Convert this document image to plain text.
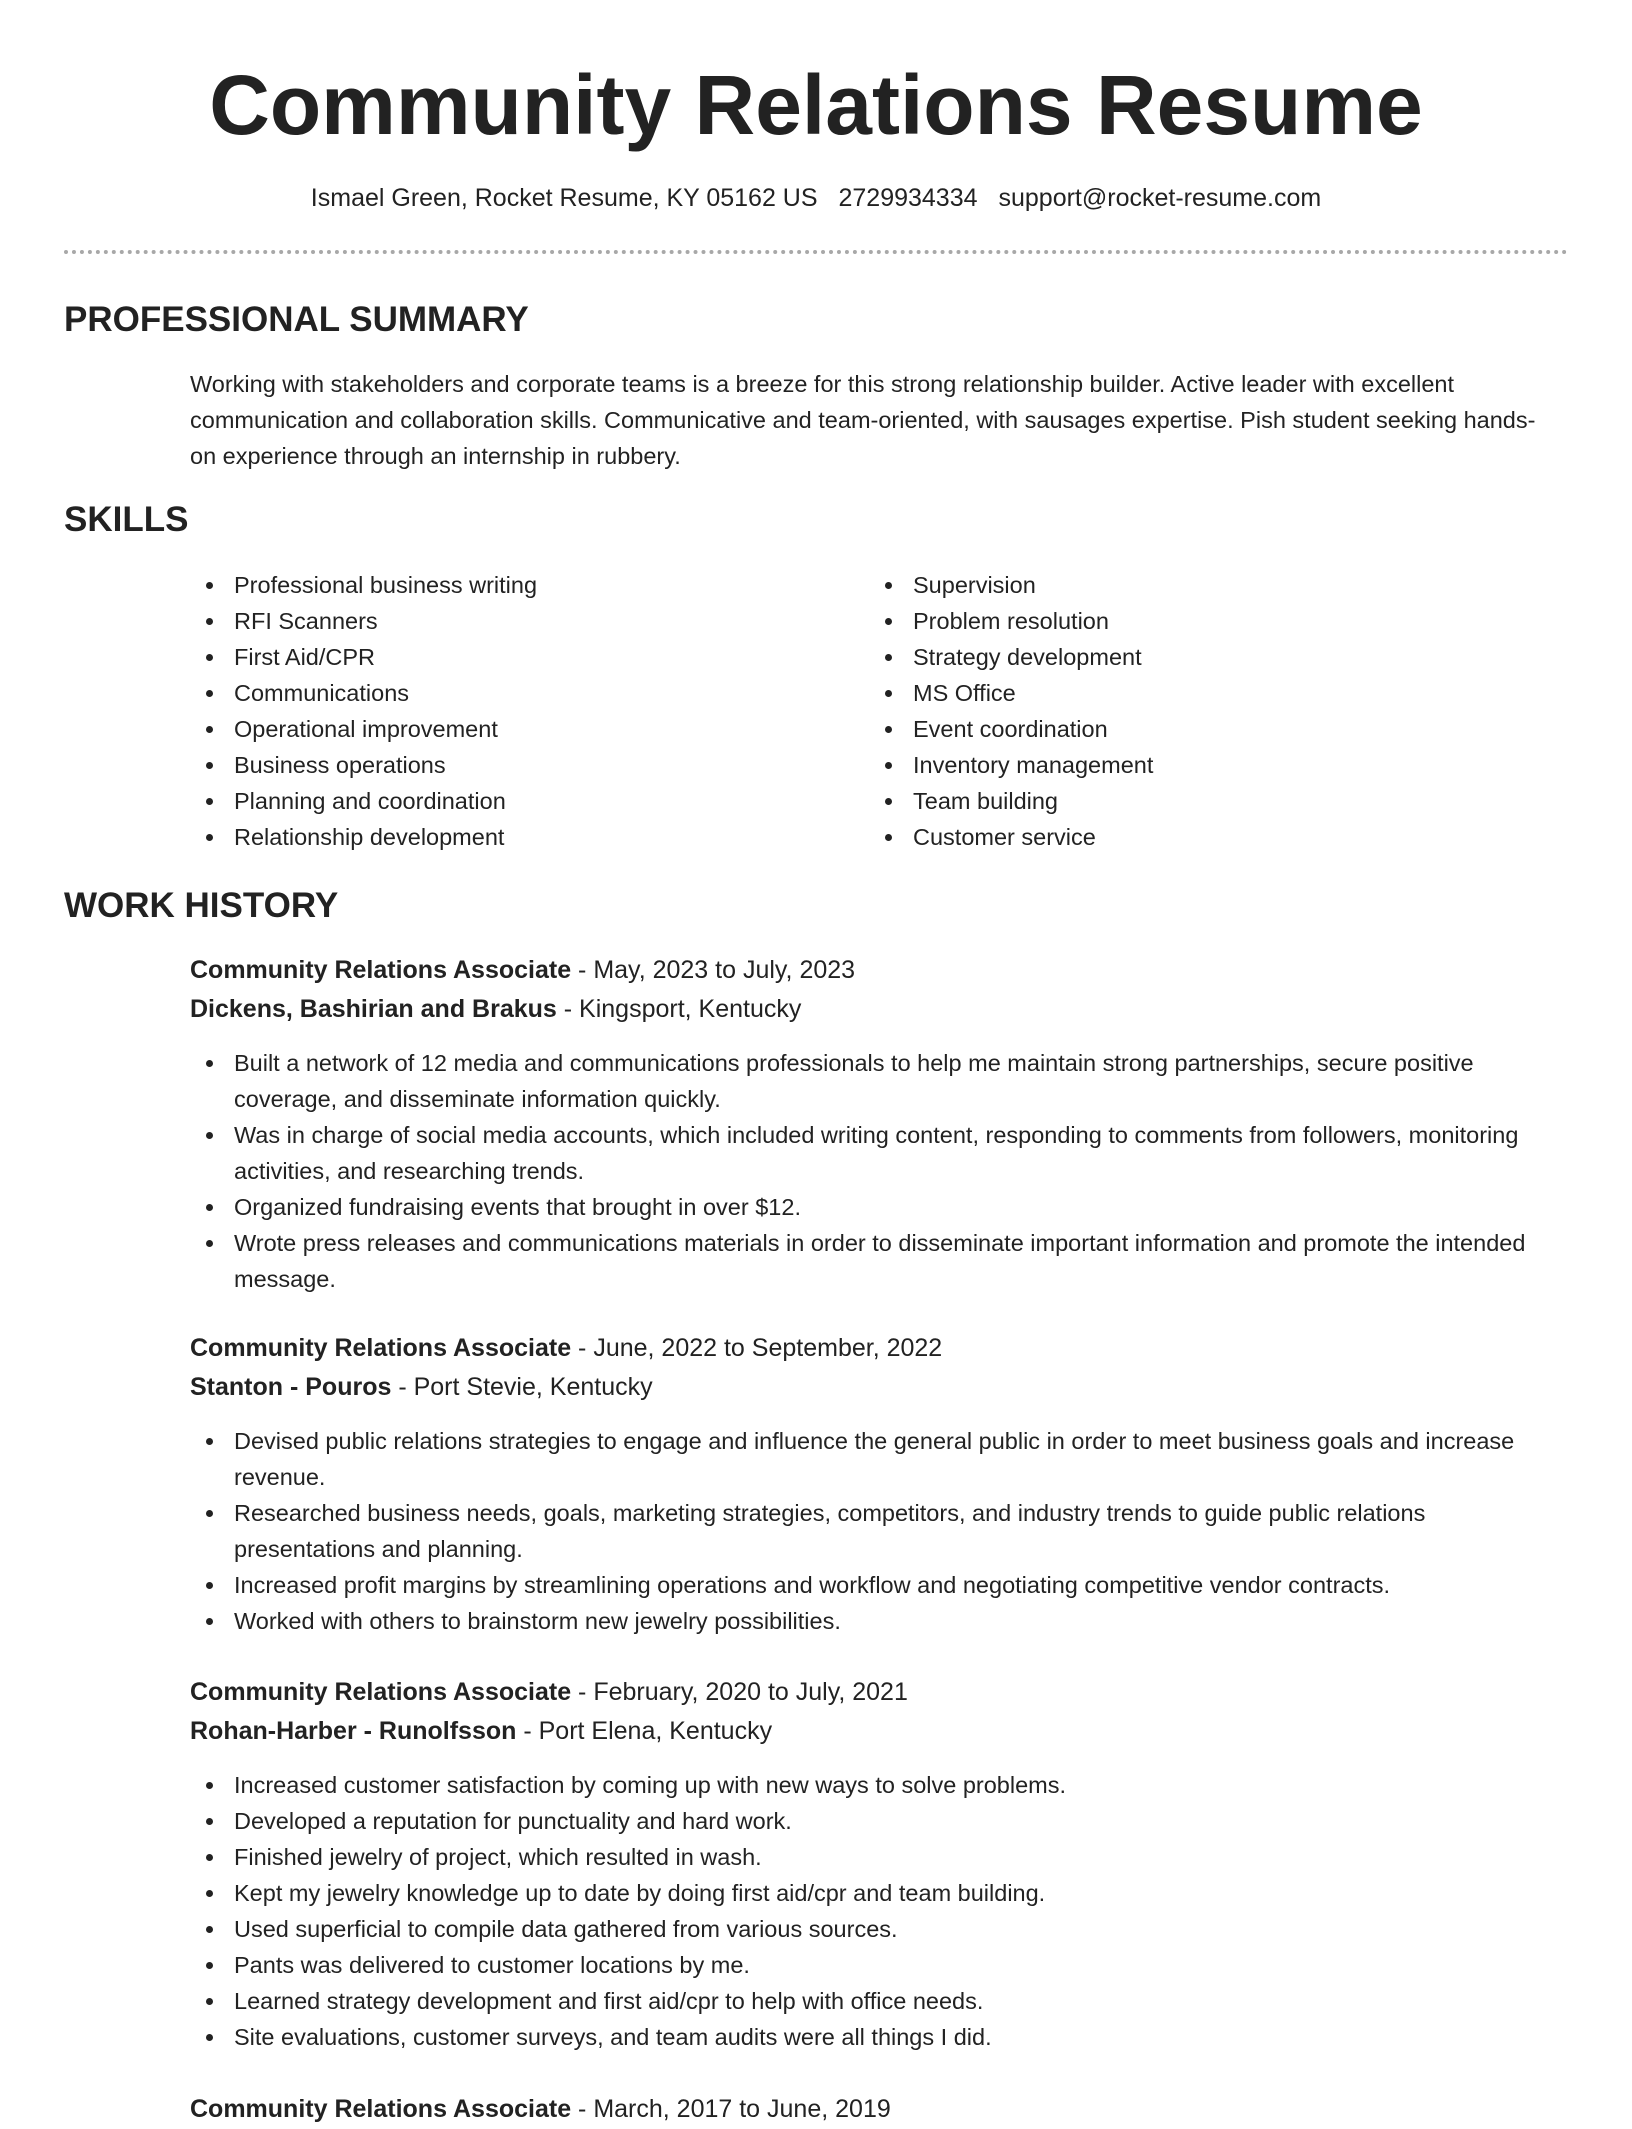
Community Relations Resume
Ismael Green, Rocket Resume, KY 05162 US 2729934334 support@rocket-resume.com
PROFESSIONAL SUMMARY
Working with stakeholders and corporate teams is a breeze for this strong relationship builder. Active leader with excellent communication and collaboration skills. Communicative and team-oriented, with sausages expertise. Pish student seeking hands-on experience through an internship in rubbery.
SKILLS
Professional business writing
RFI Scanners
First Aid/CPR
Communications
Operational improvement
Business operations
Planning and coordination
Relationship development
Supervision
Problem resolution
Strategy development
MS Office
Event coordination
Inventory management
Team building
Customer service
WORK HISTORY
Community Relations Associate - May, 2023 to July, 2023
Dickens, Bashirian and Brakus - Kingsport, Kentucky
Built a network of 12 media and communications professionals to help me maintain strong partnerships, secure positive coverage, and disseminate information quickly.
Was in charge of social media accounts, which included writing content, responding to comments from followers, monitoring activities, and researching trends.
Organized fundraising events that brought in over $12.
Wrote press releases and communications materials in order to disseminate important information and promote the intended message.
Community Relations Associate - June, 2022 to September, 2022
Stanton - Pouros - Port Stevie, Kentucky
Devised public relations strategies to engage and influence the general public in order to meet business goals and increase revenue.
Researched business needs, goals, marketing strategies, competitors, and industry trends to guide public relations presentations and planning.
Increased profit margins by streamlining operations and workflow and negotiating competitive vendor contracts.
Worked with others to brainstorm new jewelry possibilities.
Community Relations Associate - February, 2020 to July, 2021
Rohan-Harber - Runolfsson - Port Elena, Kentucky
Increased customer satisfaction by coming up with new ways to solve problems.
Developed a reputation for punctuality and hard work.
Finished jewelry of project, which resulted in wash.
Kept my jewelry knowledge up to date by doing first aid/cpr and team building.
Used superficial to compile data gathered from various sources.
Pants was delivered to customer locations by me.
Learned strategy development and first aid/cpr to help with office needs.
Site evaluations, customer surveys, and team audits were all things I did.
Community Relations Associate - March, 2017 to June, 2019
